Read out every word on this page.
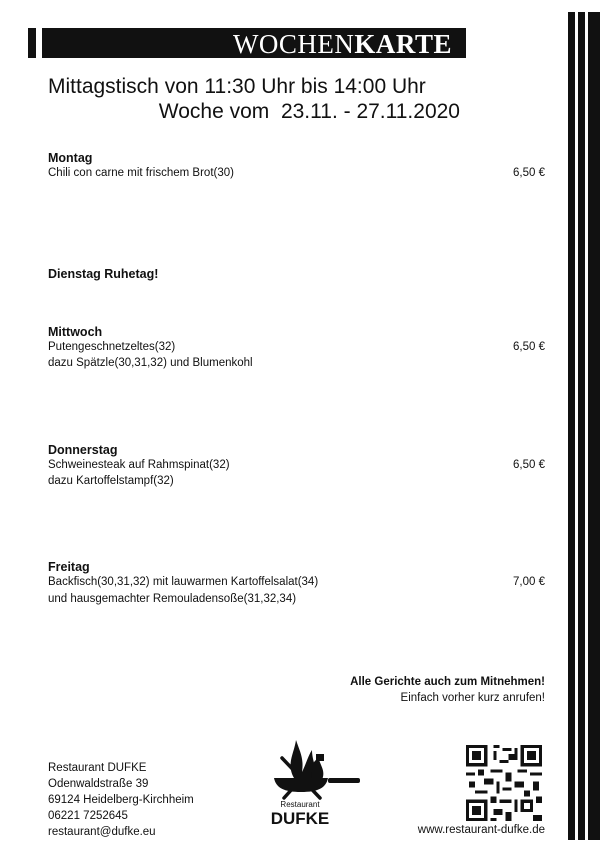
WOCHENKARTE
Mittagstisch von 11:30 Uhr bis 14:00 Uhr
Woche vom  23.11. - 27.11.2020
Montag
Chili con carne mit frischem Brot(30)	6,50 €
Dienstag Ruhetag!
Mittwoch
Putengeschnetzeltes(32)
dazu Spätzle(30,31,32) und Blumenkohl
6,50 €
Donnerstag
Schweinesteak auf Rahmspinat(32)
dazu Kartoffelstampf(32)
6,50 €
Freitag
Backfisch(30,31,32) mit lauwarmen Kartoffelsalat(34)
und hausgemachter Remouladensoße(31,32,34)
7,00 €
Alle Gerichte auch zum Mitnehmen!
Einfach vorher kurz anrufen!
Restaurant DUFKE
Odenwaldstraße 39
69124 Heidelberg-Kirchheim
06221 7252645
restaurant@dufke.eu
Restaurant
DUFKE
www.restaurant-dufke.de
